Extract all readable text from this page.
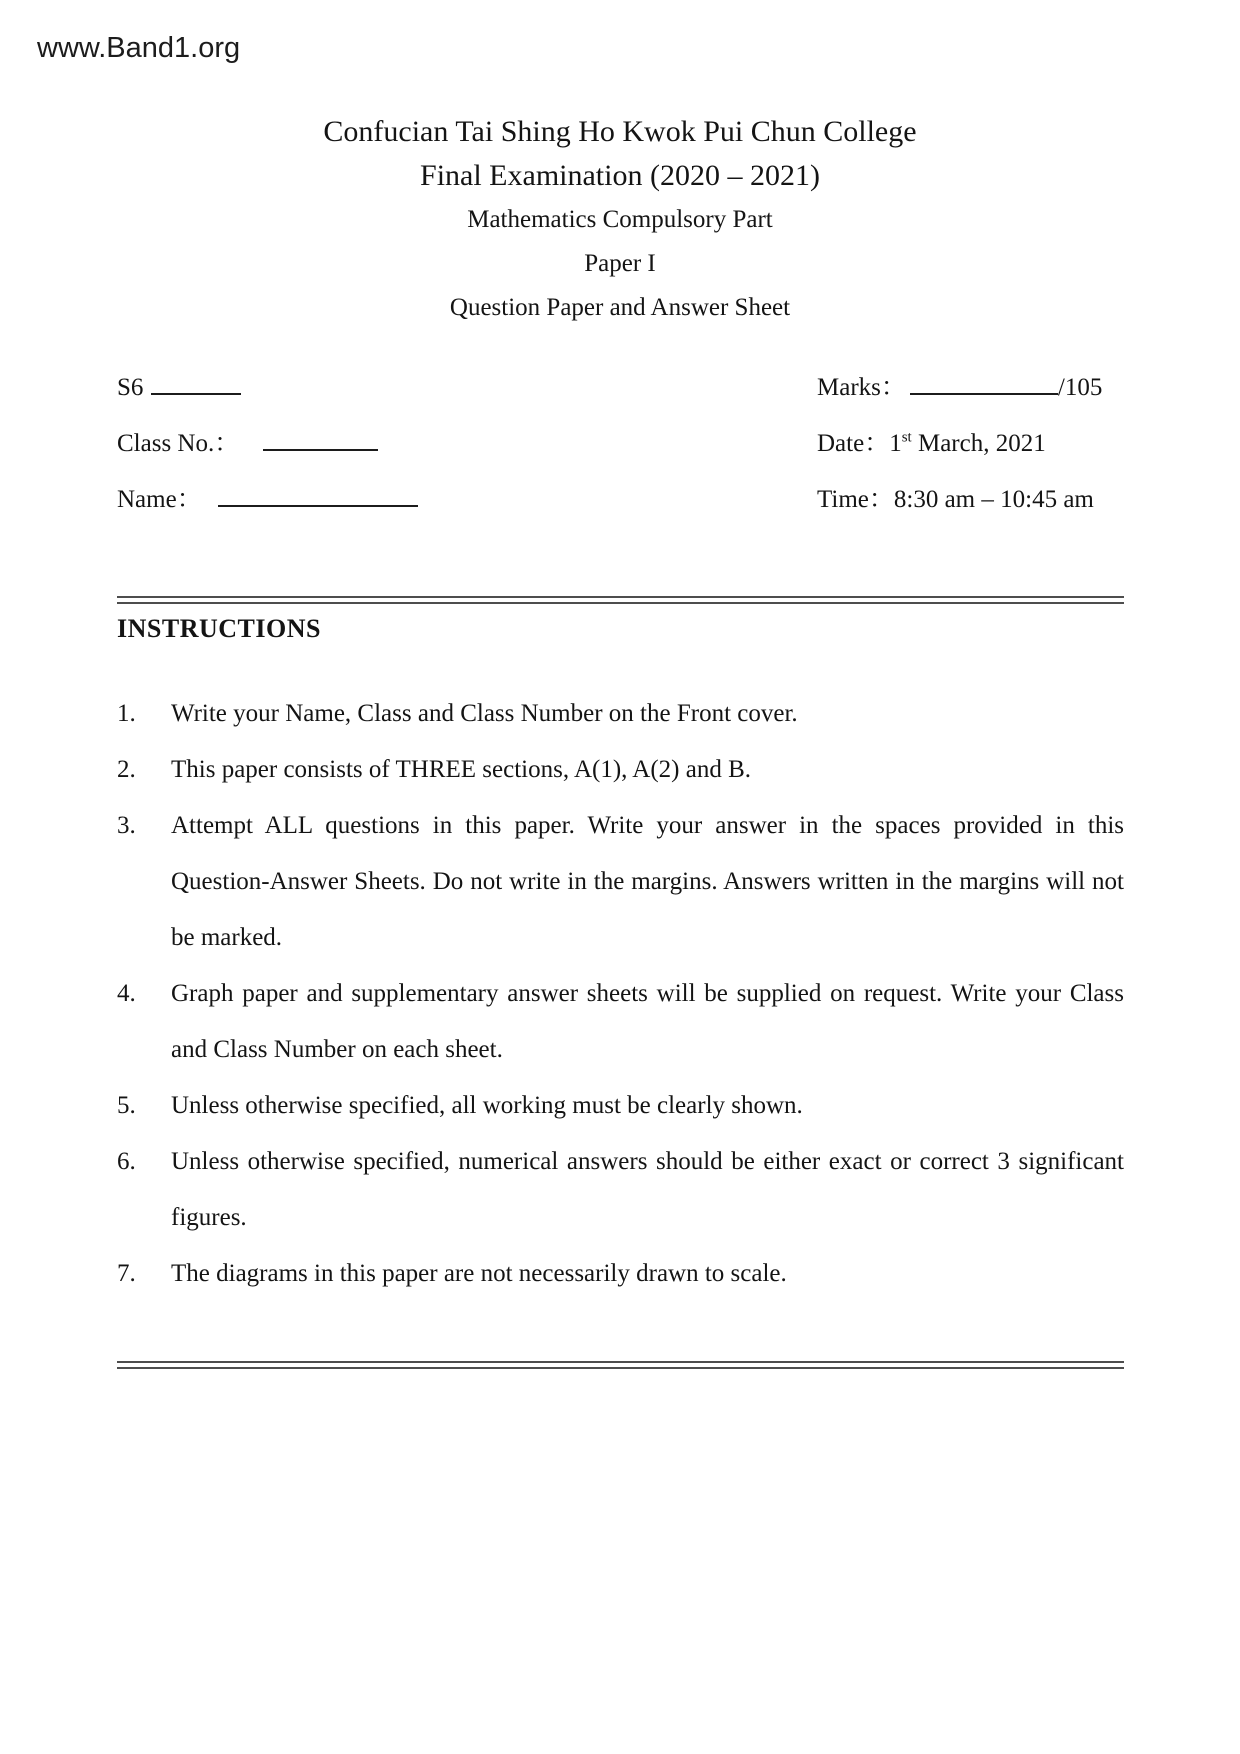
www.Band1.org
Confucian Tai Shing Ho Kwok Pui Chun College
Final Examination (2020 – 2021)
Mathematics Compulsory Part
Paper I
Question Paper and Answer Sheet
S6
Class No.：
Name：
Marks：	/105
Date：1st March, 2021
Time：8:30 am – 10:45 am
INSTRUCTIONS
1.	Write your Name, Class and Class Number on the Front cover.
2.	This paper consists of THREE sections, A(1), A(2) and B.
3.	Attempt ALL questions in this paper. Write your answer in the spaces provided in this Question-Answer Sheets. Do not write in the margins. Answers written in the margins will not be marked.
4.	Graph paper and supplementary answer sheets will be supplied on request. Write your Class and Class Number on each sheet.
5.	Unless otherwise specified, all working must be clearly shown.
6.	Unless otherwise specified, numerical answers should be either exact or correct 3 significant figures.
7.	The diagrams in this paper are not necessarily drawn to scale.
